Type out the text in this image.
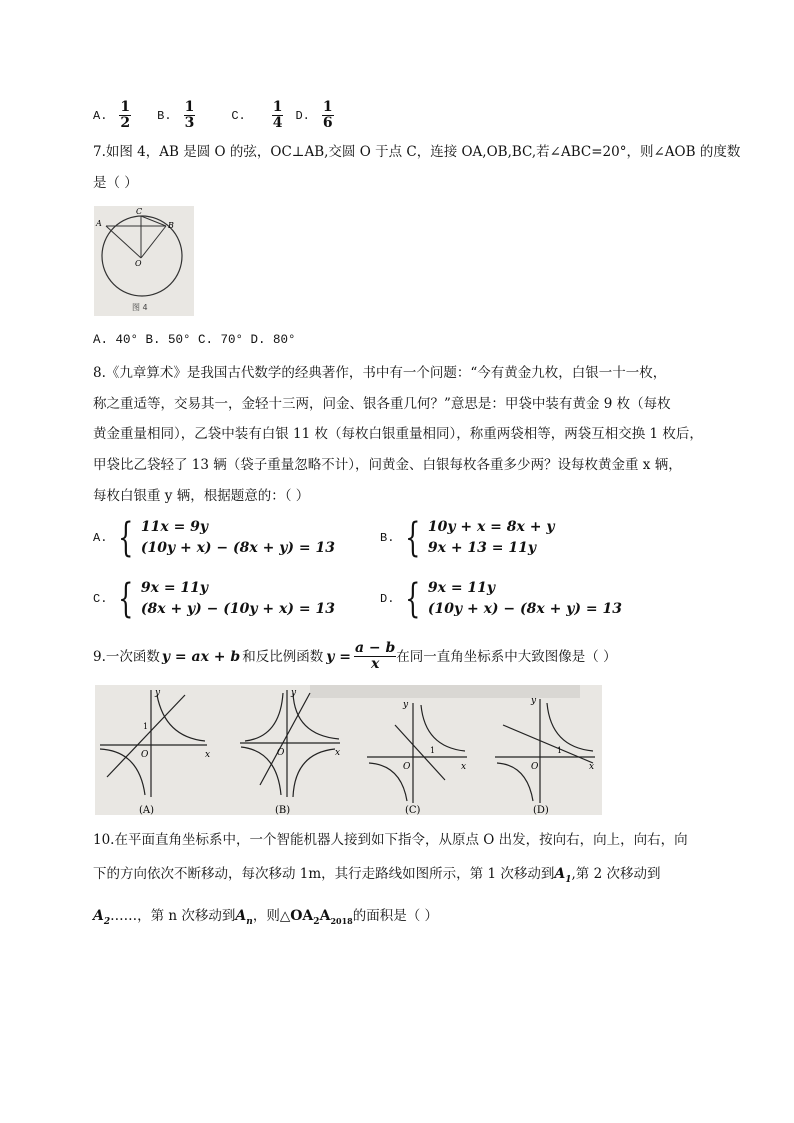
A. $\frac{1}{2} B$. $\frac{1}{3}$	C. $\frac{1}{4} D$. $\frac{1}{6}$
7.如图 4，AB 是圆 O 的弦，OC⊥AB,交圆 O 于点 C，连接 OA,OB,BC,若∠ABC=20°，则∠AOB 的度数
是（ ）
A
C
B
O
图 4
A. 40° B. 50° C. 70° D. 80°
8.《九章算术》是我国古代数学的经典著作，书中有一个问题：“今有黄金九枚，白银一十一枚，
称之重适等，交易其一，金轻十三两，问金、银各重几何？”意思是：甲袋中装有黄金 9 枚（每枚
黄金重量相同），乙袋中装有白银 11 枚（每枚白银重量相同），称重两袋相等，两袋互相交换 1 枚后，
甲袋比乙袋轻了 13 辆（袋子重量忽略不计），问黄金、白银每枚各重多少两？设每枚黄金重 x 辆，
每枚白银重 y 辆，根据题意的：（ ）
A. { 11x = 9y
(10y + x) − (8x + y) = 13
B. { 10y + x = 8x + y
9x + 13 = 11y
C. { 9x = 11y
(8x + y) − (10y + x) = 13
D. { 9x = 11y
(10y + x) − (8x + y) = 13
9.一次函数 y = ax + b 和反比例函数 $y = \frac{a - b}{x}$ 在同一直角坐标系中大致图像是（ ）
x
y
O
1
(A)
x
y
O
(B)
x
y
O
1
(C)
x
y
O
1
(D)
10.在平面直角坐标系中，一个智能机器人接到如下指令，从原点 O 出发，按向右，向上，向右，向
下的方向依次不断移动，每次移动 1m，其行走路线如图所示，第 1 次移动到$A_1$,第 2 次移动到
$A_2\dots\dots$，第 n 次移动到$A_n$，则$\triangle OA_2A_{2018}$的面积是（ ）
